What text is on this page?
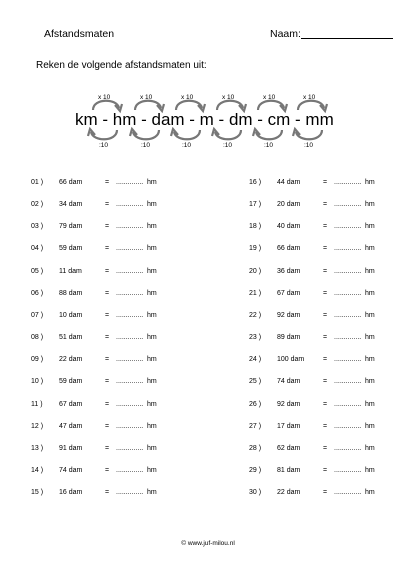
Afstandsmaten	Naam:
Reken de volgende afstandsmaten uit:
x 10	x 10	x 10	x 10	x 10	x 10
:10	:10	:10	:10	:10	:10
km - hm - dam - m - dm - cm - mm
01 ) 66 dam	= .............. hm
02 ) 34 dam	= .............. hm
03 ) 79 dam	= .............. hm
04 ) 59 dam	= .............. hm
05 ) 11 dam	= .............. hm
06 ) 88 dam	= .............. hm
07 ) 10 dam	= .............. hm
08 ) 51 dam	= .............. hm
09 ) 22 dam	= .............. hm
10 ) 59 dam	= .............. hm
11 ) 67 dam	= .............. hm
12 ) 47 dam	= .............. hm
13 ) 91 dam	= .............. hm
14 ) 74 dam	= .............. hm
15 ) 16 dam	= .............. hm
16 ) 44 dam	= .............. hm
17 ) 20 dam	= .............. hm
18 ) 40 dam	= .............. hm
19 ) 66 dam	= .............. hm
20 ) 36 dam	= .............. hm
21 ) 67 dam	= .............. hm
22 ) 92 dam	= .............. hm
23 ) 89 dam	= .............. hm
24 ) 100 dam	= .............. hm
25 ) 74 dam	= .............. hm
26 ) 92 dam	= .............. hm
27 ) 17 dam	= .............. hm
28 ) 62 dam	= .............. hm
29 ) 81 dam	= .............. hm
30 ) 22 dam	= .............. hm
© www.juf-milou.nl
